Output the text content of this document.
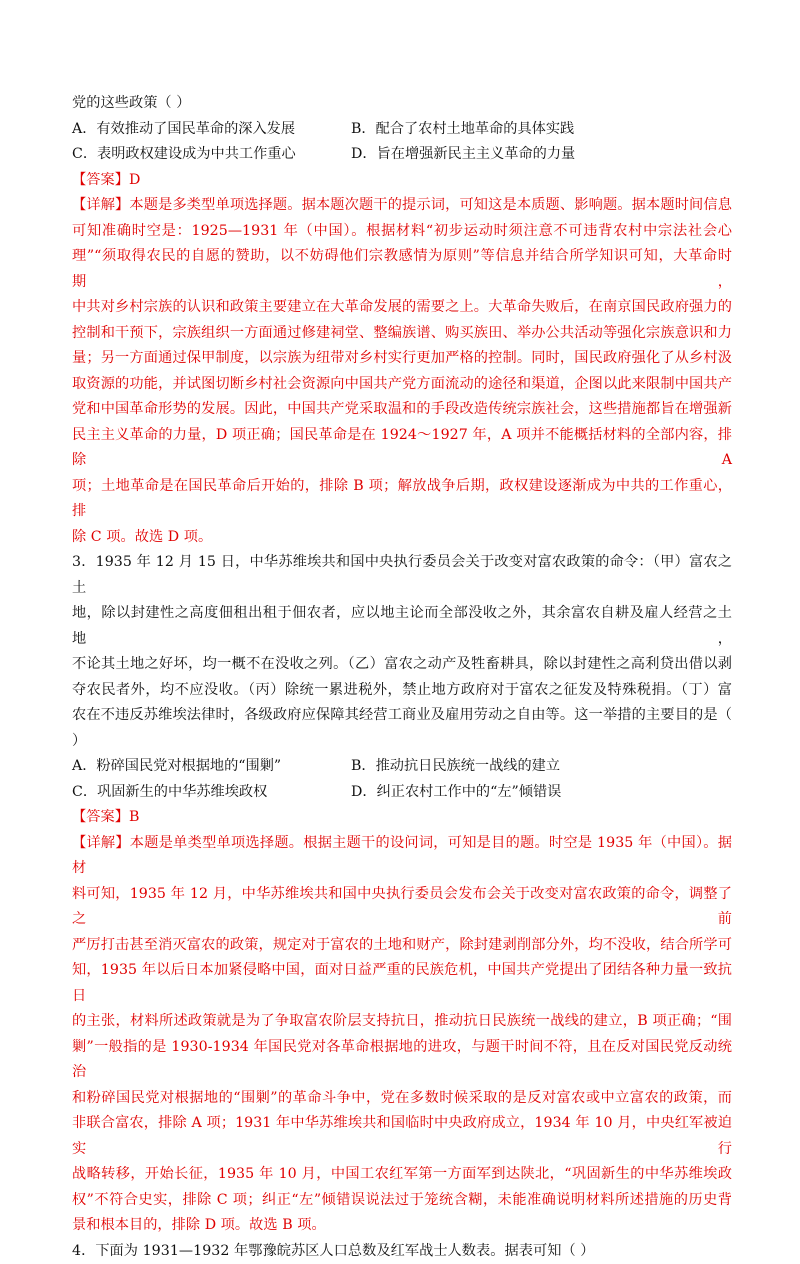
党的这些政策（ ）
A．有效推动了国民革命的深入发展	B．配合了农村土地革命的具体实践
C．表明政权建设成为中共工作重心	D．旨在增强新民主主义革命的力量
【答案】D
【详解】本题是多类型单项选择题。据本题次题干的提示词，可知这是本质题、影响题。据本题时间信息
可知准确时空是：1925—1931 年（中国）。根据材料“初步运动时须注意不可违背农村中宗法社会心
理”“须取得农民的自愿的赞助，以不妨碍他们宗教感情为原则”等信息并结合所学知识可知，大革命时期，
中共对乡村宗族的认识和政策主要建立在大革命发展的需要之上。大革命失败后，在南京国民政府强力的
控制和干预下，宗族组织一方面通过修建祠堂、整编族谱、购买族田、举办公共活动等强化宗族意识和力
量；另一方面通过保甲制度，以宗族为纽带对乡村实行更加严格的控制。同时，国民政府强化了从乡村汲
取资源的功能，并试图切断乡村社会资源向中国共产党方面流动的途径和渠道，企图以此来限制中国共产
党和中国革命形势的发展。因此，中国共产党采取温和的手段改造传统宗族社会，这些措施都旨在增强新
民主主义革命的力量，D 项正确；国民革命是在 1924～1927 年，A 项并不能概括材料的全部内容，排除 A
项；土地革命是在国民革命后开始的，排除 B 项；解放战争后期，政权建设逐渐成为中共的工作重心，排
除 C 项。故选 D 项。
3．1935 年 12 月 15 日，中华苏维埃共和国中央执行委员会关于改变对富农政策的命令：（甲）富农之土
地，除以封建性之高度佃租出租于佃农者，应以地主论而全部没收之外，其余富农自耕及雇人经营之土地，
不论其土地之好坏，均一概不在没收之列。（乙）富农之动产及牲畜耕具，除以封建性之高利贷出借以剥
夺农民者外，均不应没收。（丙）除统一累进税外，禁止地方政府对于富农之征发及特殊税捐。（丁）富
农在不违反苏维埃法律时，各级政府应保障其经营工商业及雇用劳动之自由等。这一举措的主要目的是（
）
A．粉碎国民党对根据地的“围剿”	B．推动抗日民族统一战线的建立
C．巩固新生的中华苏维埃政权	D．纠正农村工作中的“左”倾错误
【答案】B
【详解】本题是单类型单项选择题。根据主题干的设问词，可知是目的题。时空是 1935 年（中国）。据材
料可知，1935 年 12 月，中华苏维埃共和国中央执行委员会发布会关于改变对富农政策的命令，调整了之前
严厉打击甚至消灭富农的政策，规定对于富农的土地和财产，除封建剥削部分外，均不没收，结合所学可
知，1935 年以后日本加紧侵略中国，面对日益严重的民族危机，中国共产党提出了团结各种力量一致抗日
的主张，材料所述政策就是为了争取富农阶层支持抗日，推动抗日民族统一战线的建立，B 项正确；“围
剿”一般指的是 1930-1934 年国民党对各革命根据地的进攻，与题干时间不符，且在反对国民党反动统治
和粉碎国民党对根据地的“围剿”的革命斗争中，党在多数时候采取的是反对富农或中立富农的政策，而
非联合富农，排除 A 项；1931 年中华苏维埃共和国临时中央政府成立，1934 年 10 月，中央红军被迫实行
战略转移，开始长征，1935 年 10 月，中国工农红军第一方面军到达陕北，“巩固新生的中华苏维埃政
权”不符合史实，排除 C 项；纠正“左”倾错误说法过于笼统含糊，未能准确说明材料所述措施的历史背
景和根本目的，排除 D 项。故选 B 项。
4．下面为 1931—1932 年鄂豫皖苏区人口总数及红军战士人数表。据表可知（ ）
